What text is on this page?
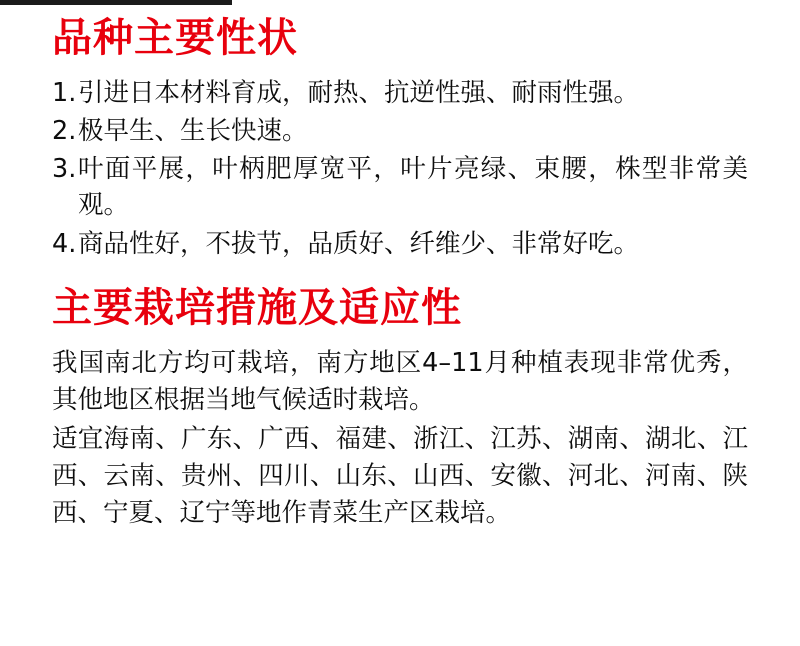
品种主要性状
1. 引进日本材料育成，耐热、抗逆性强、耐雨性强。
2. 极早生、生长快速。
3. 叶面平展，叶柄肥厚宽平，叶片亮绿、束腰，株型非常美观。
4. 商品性好，不拔节，品质好、纤维少、非常好吃。
主要栽培措施及适应性

我国南北方均可栽培，南方地区4–11月种植表现非常优秀，其他地区根据当地气候适时栽培。

适宜海南、广东、广西、福建、浙江、江苏、湖南、湖北、江西、云南、贵州、四川、山东、山西、安徽、河北、河南、陕西、宁夏、辽宁等地作青菜生产区栽培。
